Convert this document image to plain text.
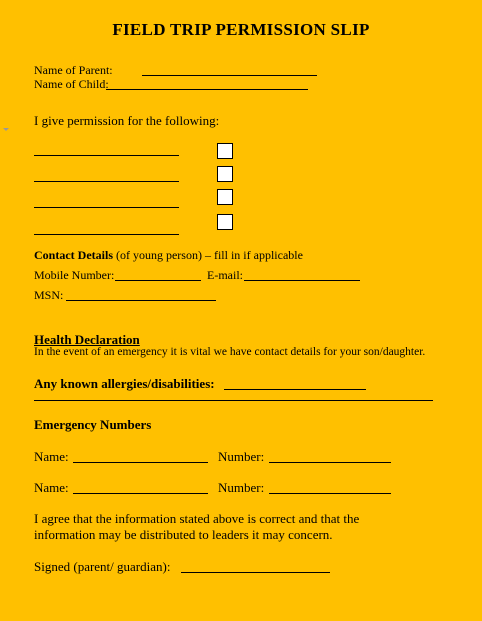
FIELD TRIP PERMISSION SLIP
Name of Parent:
Name of Child:
I give permission for the following:
Contact Details (of young person) – fill in if applicable
Mobile Number:	E-mail:
MSN:
Health Declaration
In the event of an emergency it is vital we have contact details for your son/daughter.
Any known allergies/disabilities:
Emergency Numbers
Name:	Number:
Name:	Number:
I agree that the information stated above is correct and that the
information may be distributed to leaders it may concern.
Signed (parent/ guardian):
